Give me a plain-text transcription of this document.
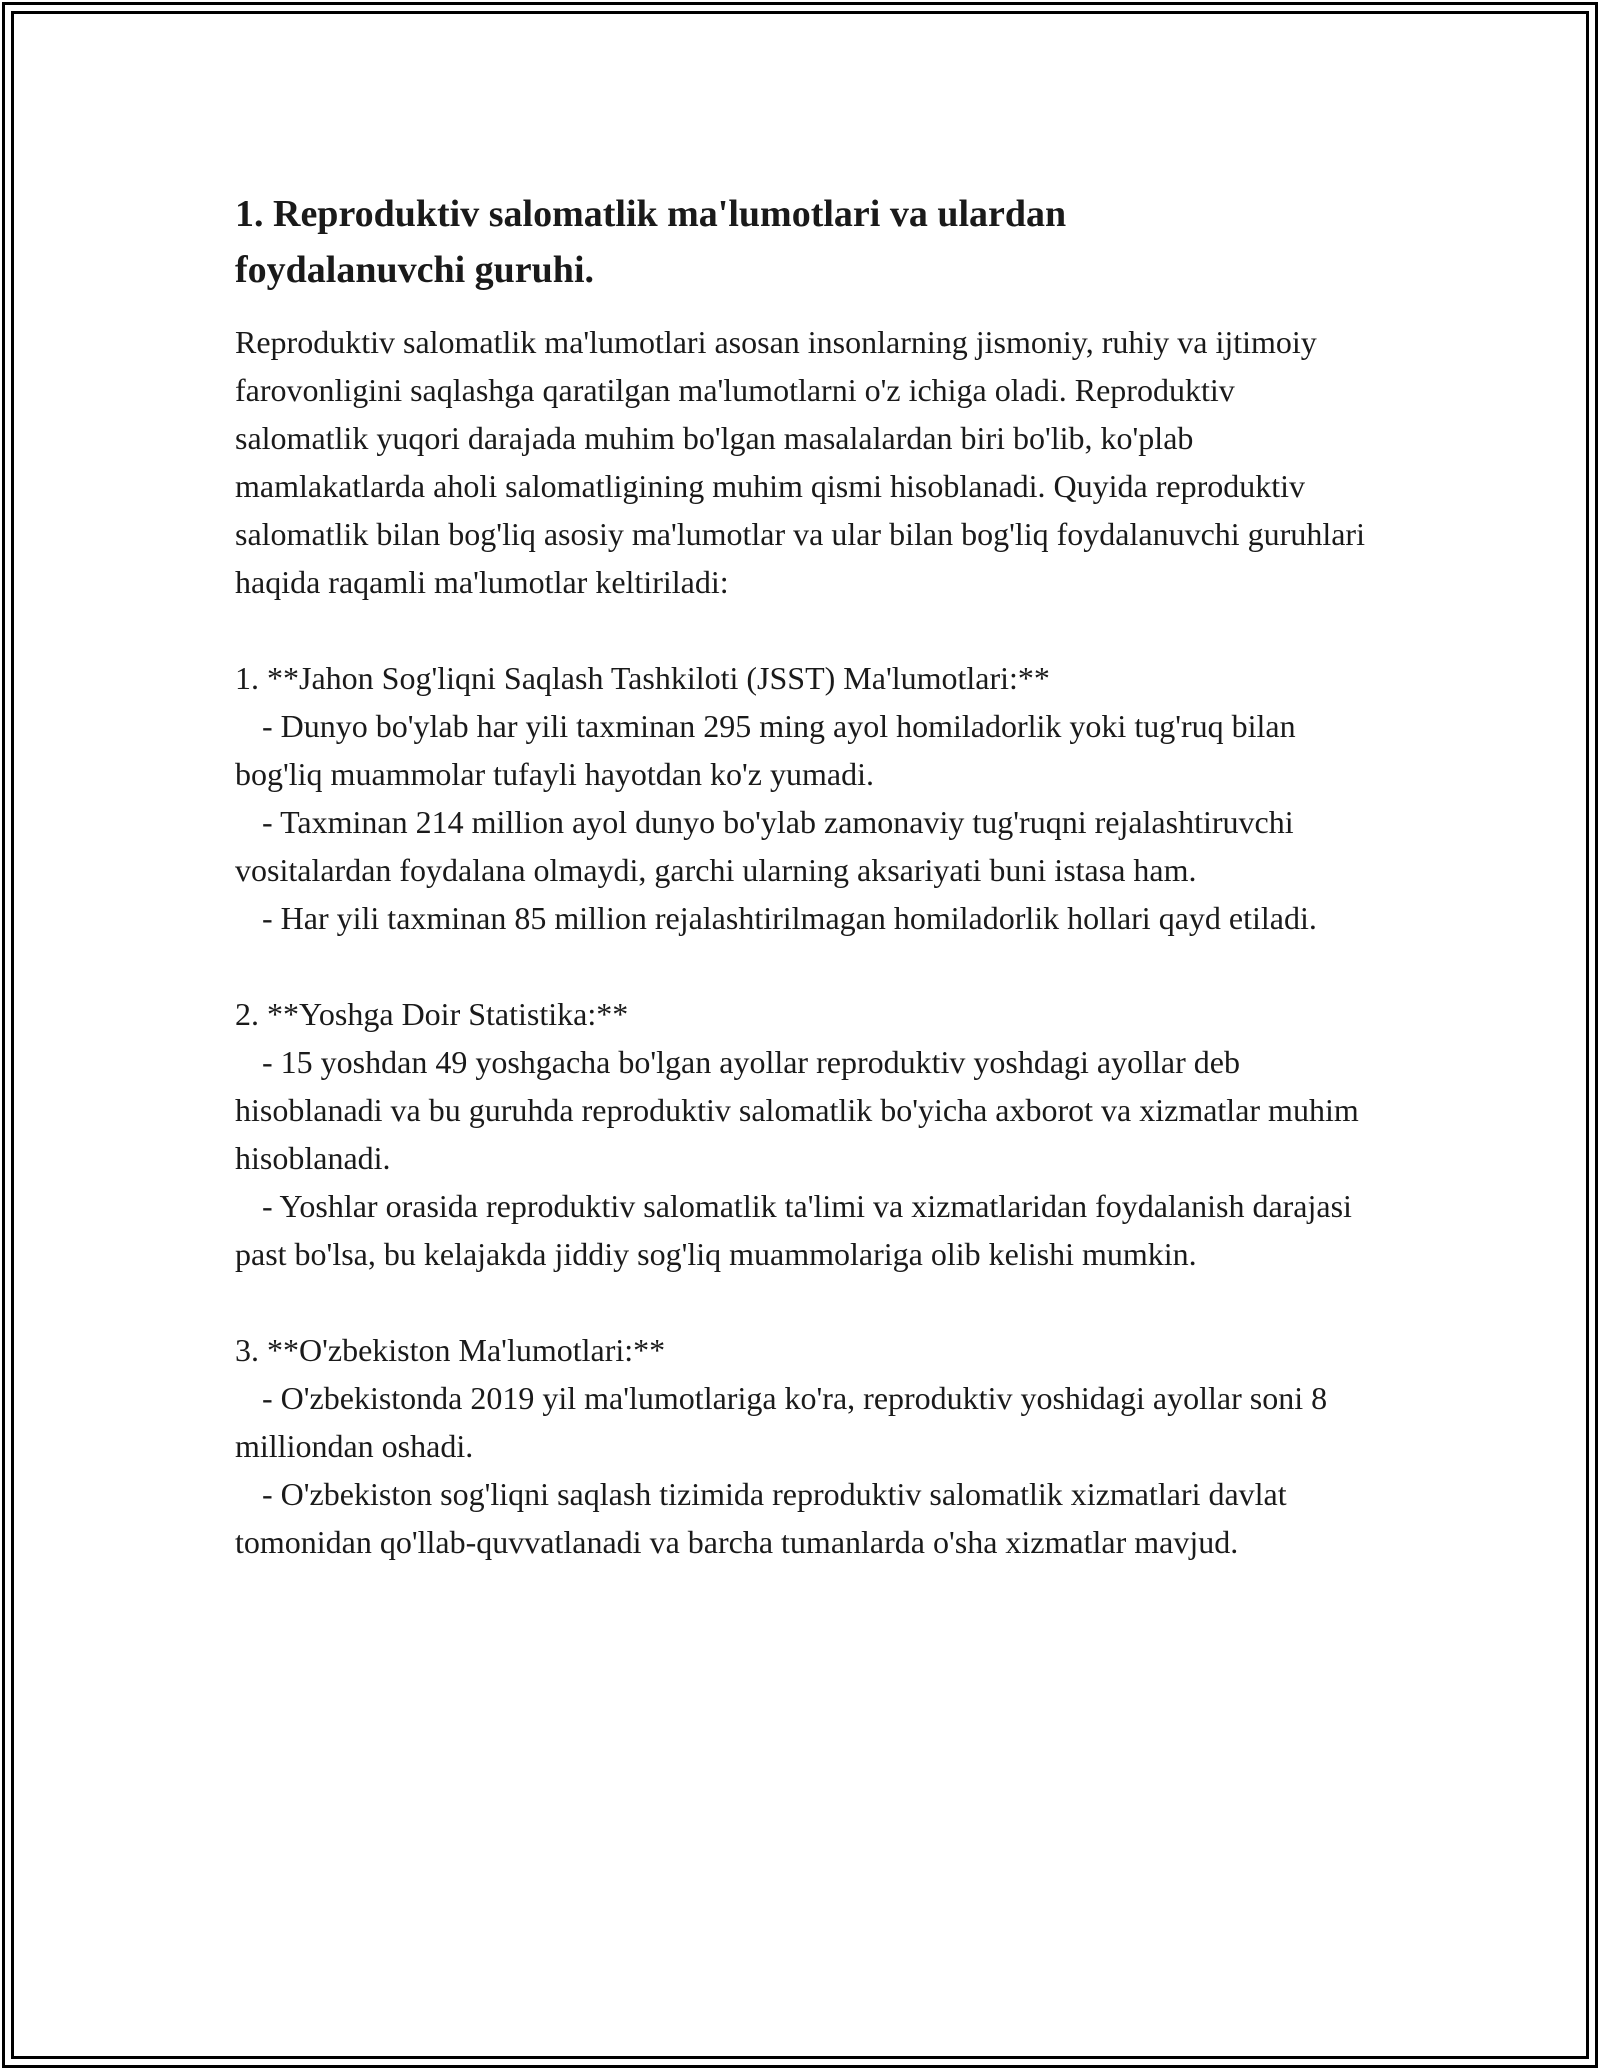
1. Reproduktiv salomatlik ma'lumotlari va ulardan foydalanuvchi guruhi.

Reproduktiv salomatlik ma'lumotlari asosan insonlarning jismoniy, ruhiy va ijtimoiy farovonligini saqlashga qaratilgan ma'lumotlarni o'z ichiga oladi. Reproduktiv salomatlik yuqori darajada muhim bo'lgan masalalardan biri bo'lib, ko'plab mamlakatlarda aholi salomatligining muhim qismi hisoblanadi. Quyida reproduktiv salomatlik bilan bog'liq asosiy ma'lumotlar va ular bilan bog'liq foydalanuvchi guruhlari haqida raqamli ma'lumotlar keltiriladi:

1. **Jahon Sog'liqni Saqlash Tashkiloti (JSST) Ma'lumotlari:**
- Dunyo bo'ylab har yili taxminan 295 ming ayol homiladorlik yoki tug'ruq bilan bog'liq muammolar tufayli hayotdan ko'z yumadi.
- Taxminan 214 million ayol dunyo bo'ylab zamonaviy tug'ruqni rejalashtiruvchi vositalardan foydalana olmaydi, garchi ularning aksariyati buni istasa ham.
- Har yili taxminan 85 million rejalashtirilmagan homiladorlik hollari qayd etiladi.
2. **Yoshga Doir Statistika:**
- 15 yoshdan 49 yoshgacha bo'lgan ayollar reproduktiv yoshdagi ayollar deb hisoblanadi va bu guruhda reproduktiv salomatlik bo'yicha axborot va xizmatlar muhim hisoblanadi.
- Yoshlar orasida reproduktiv salomatlik ta'limi va xizmatlaridan foydalanish darajasi past bo'lsa, bu kelajakda jiddiy sog'liq muammolariga olib kelishi mumkin.
3. **O'zbekiston Ma'lumotlari:**
- O'zbekistonda 2019 yil ma'lumotlariga ko'ra, reproduktiv yoshidagi ayollar soni 8 milliondan oshadi.
- O'zbekiston sog'liqni saqlash tizimida reproduktiv salomatlik xizmatlari davlat tomonidan qo'llab-quvvatlanadi va barcha tumanlarda o'sha xizmatlar mavjud.
